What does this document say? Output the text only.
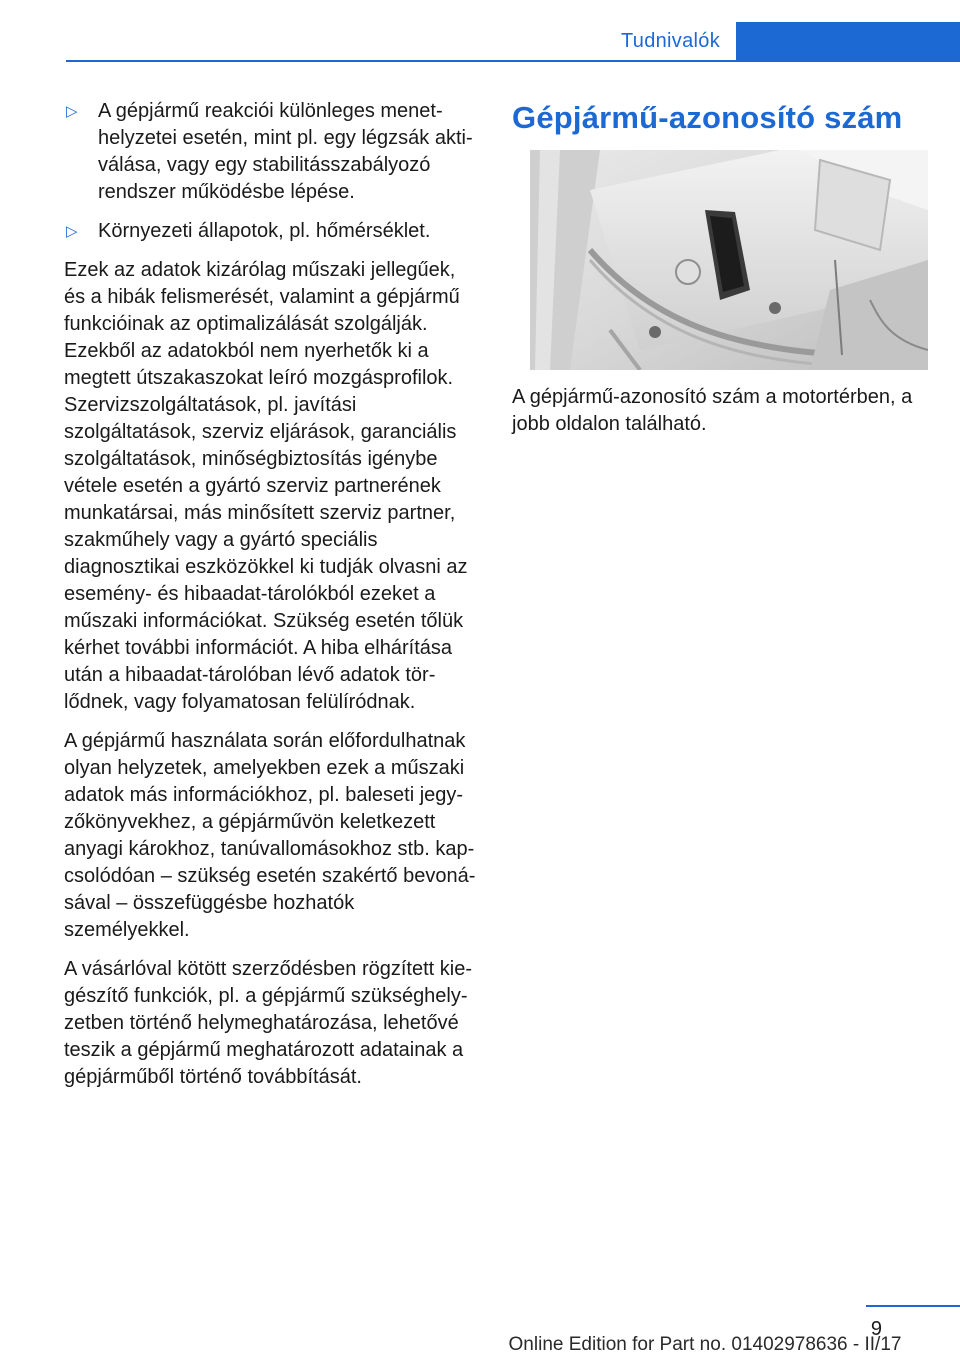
Tudnivalók
▷ A gépjármű reakciói különleges menethelyzetei esetén, mint pl. egy légzsák aktiválása, vagy egy stabilitásszabályozó rendszer működésbe lépése.
▷ Környezeti állapotok, pl. hőmérséklet.

Ezek az adatok kizárólag műszaki jellegűek, és a hibák felismerését, valamint a gépjármű funkcióinak az optimalizálását szolgálják. Ezekből az adatokból nem nyerhetők ki a megtett útszakaszokat leíró mozgásprofilok. Szervizszolgáltatások, pl. javítási szolgáltatások, szerviz eljárások, garanciális szolgáltatások, minőségbiztosítás igénybe vétele esetén a gyártó szerviz partnerének munkatársai, más minősített szerviz partner, szakműhely vagy a gyártó speciális diagnosztikai eszközökkel ki tudják olvasni az esemény- és hibaadat-tárolókból ezeket a műszaki információkat. Szükség esetén tőlük kérhet további információt. A hiba elhárítása után a hibaadat-tárolóban lévő adatok törlődnek, vagy folyamatosan felülíródnak.

A gépjármű használata során előfordulhatnak olyan helyzetek, amelyekben ezek a műszaki adatok más információkhoz, pl. baleseti jegyzőkönyvekhez, a gépjárművön keletkezett anyagi károkhoz, tanúvallomásokhoz stb. kapcsolódóan – szükség esetén szakértő bevonásával – összefüggésbe hozhatók személyekkel.

A vásárlóval kötött szerződésben rögzített kiegészítő funkciók, pl. a gépjármű szükséghelyzetben történő helymeghatározása, lehetővé teszik a gépjármű meghatározott adatainak a gépjárműből történő továbbítását.

Gépjármű-azonosító szám

A gépjármű-azonosító szám a motortérben, a jobb oldalon található.

9
Online Edition for Part no. 01402978636 - II/17
